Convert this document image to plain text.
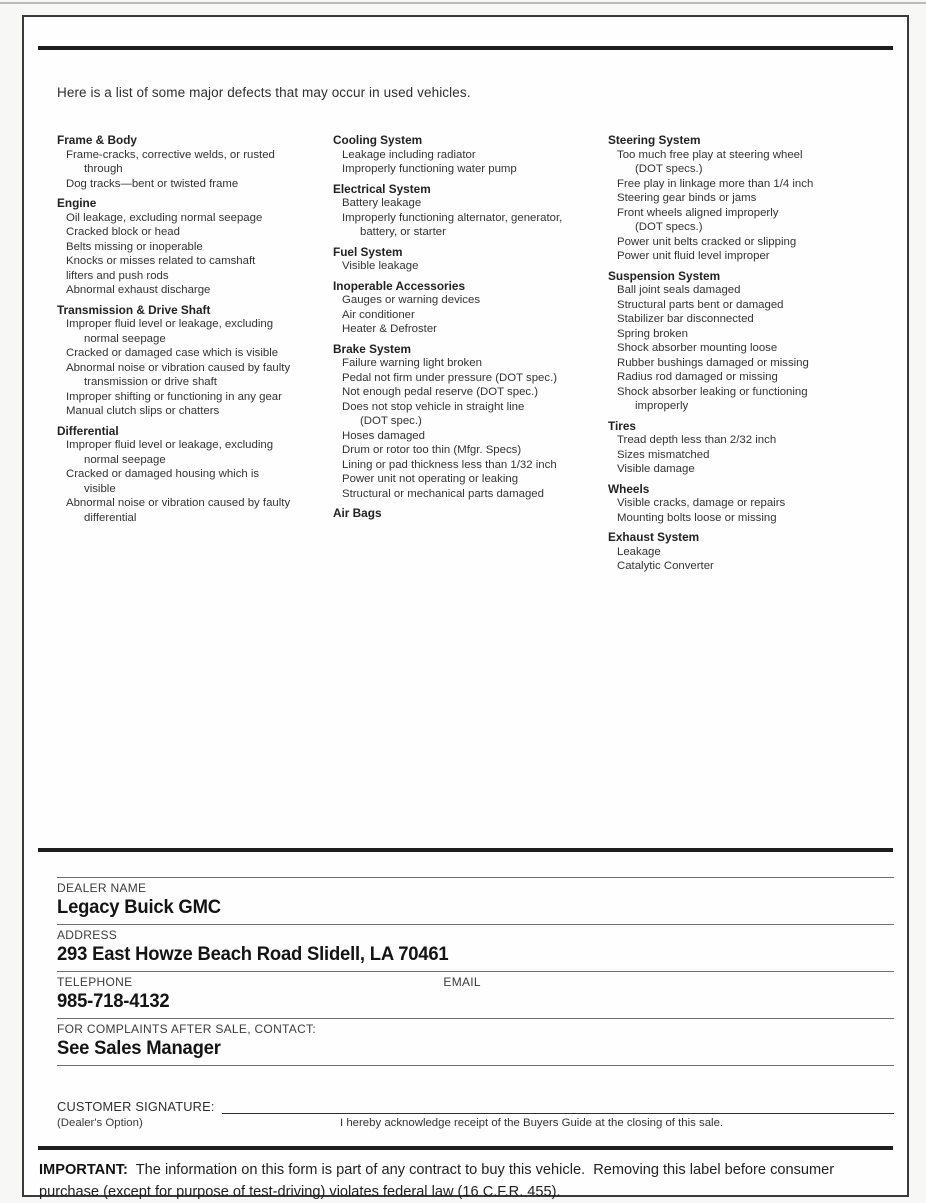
Here is a list of some major defects that may occur in used vehicles.
Frame & Body
Frame-cracks, corrective welds, or rusted
through
Dog tracks—bent or twisted frame
Engine
Oil leakage, excluding normal seepage
Cracked block or head
Belts missing or inoperable
Knocks or misses related to camshaft
lifters and push rods
Abnormal exhaust discharge
Transmission & Drive Shaft
Improper fluid level or leakage, excluding
normal seepage
Cracked or damaged case which is visible
Abnormal noise or vibration caused by faulty
transmission or drive shaft
Improper shifting or functioning in any gear
Manual clutch slips or chatters
Differential
Improper fluid level or leakage, excluding
normal seepage
Cracked or damaged housing which is
visible
Abnormal noise or vibration caused by faulty
differential
Cooling System
Leakage including radiator
Improperly functioning water pump
Electrical System
Battery leakage
Improperly functioning alternator, generator,
battery, or starter
Fuel System
Visible leakage
Inoperable Accessories
Gauges or warning devices
Air conditioner
Heater & Defroster
Brake System
Failure warning light broken
Pedal not firm under pressure (DOT spec.)
Not enough pedal reserve (DOT spec.)
Does not stop vehicle in straight line
(DOT spec.)
Hoses damaged
Drum or rotor too thin (Mfgr. Specs)
Lining or pad thickness less than 1/32 inch
Power unit not operating or leaking
Structural or mechanical parts damaged
Air Bags
Steering System
Too much free play at steering wheel
(DOT specs.)
Free play in linkage more than 1/4 inch
Steering gear binds or jams
Front wheels aligned improperly
(DOT specs.)
Power unit belts cracked or slipping
Power unit fluid level improper
Suspension System
Ball joint seals damaged
Structural parts bent or damaged
Stabilizer bar disconnected
Spring broken
Shock absorber mounting loose
Rubber bushings damaged or missing
Radius rod damaged or missing
Shock absorber leaking or functioning
improperly
Tires
Tread depth less than 2/32 inch
Sizes mismatched
Visible damage
Wheels
Visible cracks, damage or repairs
Mounting bolts loose or missing
Exhaust System
Leakage
Catalytic Converter
DEALER NAME
Legacy Buick GMC
ADDRESS
293 East Howze Beach Road Slidell, LA 70461
TELEPHONE	EMAIL
985-718-4132
FOR COMPLAINTS AFTER SALE, CONTACT:
See Sales Manager
CUSTOMER SIGNATURE:
(Dealer's Option)	I hereby acknowledge receipt of the Buyers Guide at the closing of this sale.
IMPORTANT:  The information on this form is part of any contract to buy this vehicle.  Removing this label before consumer purchase (except for purpose of test-driving) violates federal law (16 C.F.R. 455).
